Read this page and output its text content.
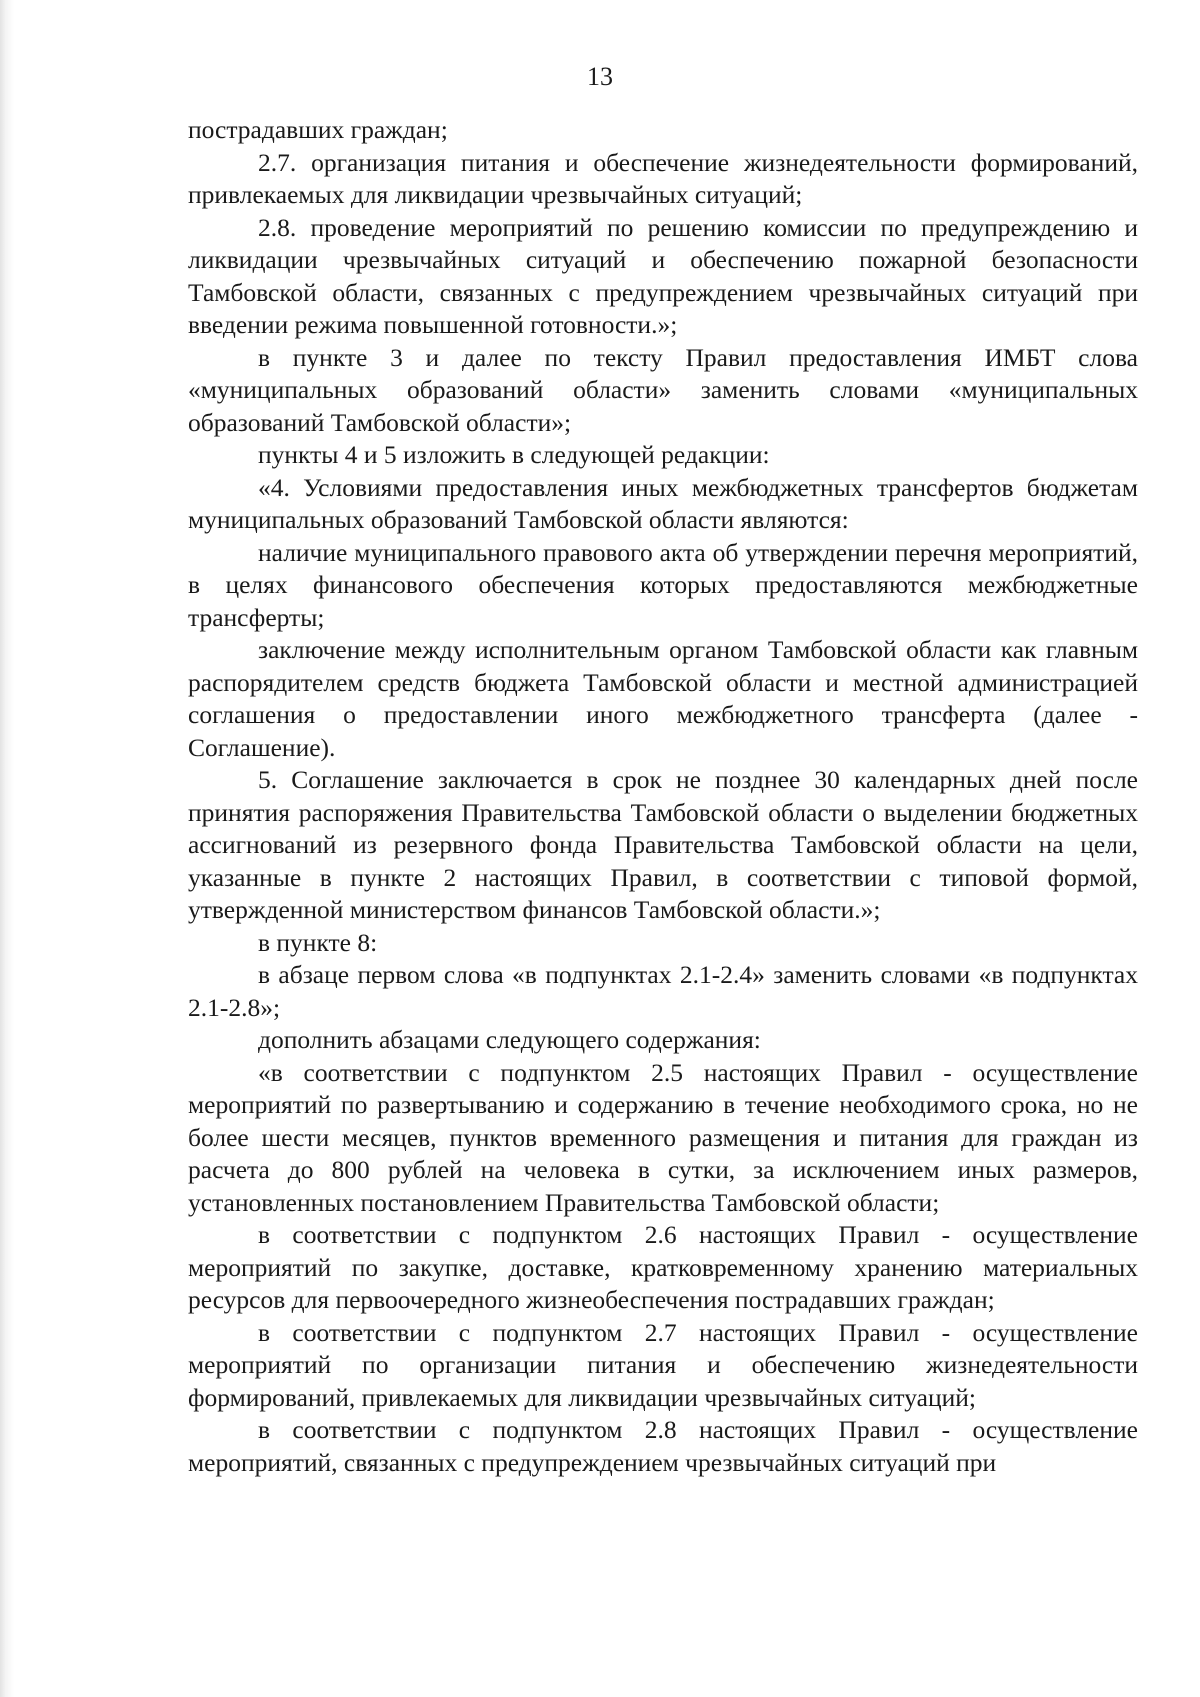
13

пострадавших граждан;

2.7. организация питания и обеспечение жизнедеятельности формирований, привлекаемых для ликвидации чрезвычайных ситуаций;

2.8. проведение мероприятий по решению комиссии по предупреждению и ликвидации чрезвычайных ситуаций и обеспечению пожарной безопасности Тамбовской области, связанных с предупреждением чрезвычайных ситуаций при введении режима повышенной готовности.»;

в пункте 3 и далее по тексту Правил предоставления ИМБТ слова «муниципальных образований области» заменить словами «муниципальных образований Тамбовской области»;

пункты 4 и 5 изложить в следующей редакции:

«4. Условиями предоставления иных межбюджетных трансфертов бюджетам муниципальных образований Тамбовской области являются:

наличие муниципального правового акта об утверждении перечня мероприятий, в целях финансового обеспечения которых предоставляются межбюджетные трансферты;

заключение между исполнительным органом Тамбовской области как главным распорядителем средств бюджета Тамбовской области и местной администрацией соглашения о предоставлении иного межбюджетного трансферта (далее - Соглашение).

5. Соглашение заключается в срок не позднее 30 календарных дней после принятия распоряжения Правительства Тамбовской области о выделении бюджетных ассигнований из резервного фонда Правительства Тамбовской области на цели, указанные в пункте 2 настоящих Правил, в соответствии с типовой формой, утвержденной министерством финансов Тамбовской области.»;

в пункте 8:

в абзаце первом слова «в подпунктах 2.1-2.4» заменить словами «в подпунктах 2.1-2.8»;

дополнить абзацами следующего содержания:

«в соответствии с подпунктом 2.5 настоящих Правил - осуществление мероприятий по развертыванию и содержанию в течение необходимого срока, но не более шести месяцев, пунктов временного размещения и питания для граждан из расчета до 800 рублей на человека в сутки, за исключением иных размеров, установленных постановлением Правительства Тамбовской области;

в соответствии с подпунктом 2.6 настоящих Правил - осуществление мероприятий по закупке, доставке, кратковременному хранению материальных ресурсов для первоочередного жизнеобеспечения пострадавших граждан;

в соответствии с подпунктом 2.7 настоящих Правил - осуществление мероприятий по организации питания и обеспечению жизнедеятельности формирований, привлекаемых для ликвидации чрезвычайных ситуаций;

в соответствии с подпунктом 2.8 настоящих Правил - осуществление мероприятий, связанных с предупреждением чрезвычайных ситуаций при
